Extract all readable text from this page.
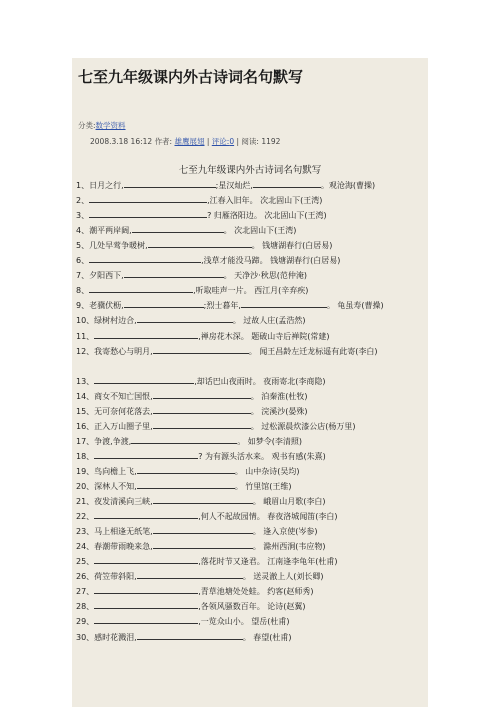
七至九年级课内外古诗词名句默写
分类:数学资料
2008.3.18 16:12 作者: 雄鹰展翅 | 评论:0 | 阅读: 1192
七至九年级课内外古诗词名句默写
1、日月之行,	;星汉灿烂,	。观沧海(曹操)
2、	,江春入旧年。 次北固山下(王湾)
3、	? 归雁洛阳边。 次北固山下(王湾)
4、潮平两岸阔,	。 次北固山下(王湾)
5、几处早莺争暖树,	。 钱塘湖春行(白居易)
6、	,浅草才能没马蹄。 钱塘湖春行(白居易)
7、夕阳西下,	。 天净沙·秋思(范仲淹)
8、	,听取哇声一片。 西江月(辛弃疾)
9、老骥伏枥,	;烈士暮年,	。 龟虽寿(曹操)
10、绿树村边合,	。 过故人庄(孟浩然)
11、	,禅房花木深。 题破山寺后禅院(常建)
12、我寄愁心与明月,	。 闻王昌龄左迁龙标遥有此寄(李白)
13、	,却话巴山夜雨时。 夜雨寄北(李商隐)
14、商女不知亡国恨,	。 泊秦淮(杜牧)
15、无可奈何花落去,	。 浣溪沙(晏殊)
16、正入万山圈子里,	。 过松源晨炊漆公店(杨万里)
17、争渡,争渡,	。 如梦令(李清照)
18、	? 为有源头活水来。 观书有感(朱熹)
19、鸟向檐上飞,	。 山中杂诗(吴均)
20、深林人不知,	。 竹里馆(王维)
21、夜发清溪向三峡,	。 峨眉山月歌(李白)
22、	,何人不起故园情。 春夜洛城闻笛(李白)
23、马上相逢无纸笔,	。 逢入京使(岑参)
24、春潮带雨晚来急,	。 滁州西涧(韦应物)
25、	,落花时节又逢君。 江南逢李龟年(杜甫)
26、荷笠带斜阳,	。 送灵澈上人(刘长卿)
27、	,青草池塘处处蛙。 约客(赵师秀)
28、	,各领风骚数百年。 论诗(赵翼)
29、	,一览众山小。 望岳(杜甫)
30、感时花溅泪,	。 春望(杜甫)
